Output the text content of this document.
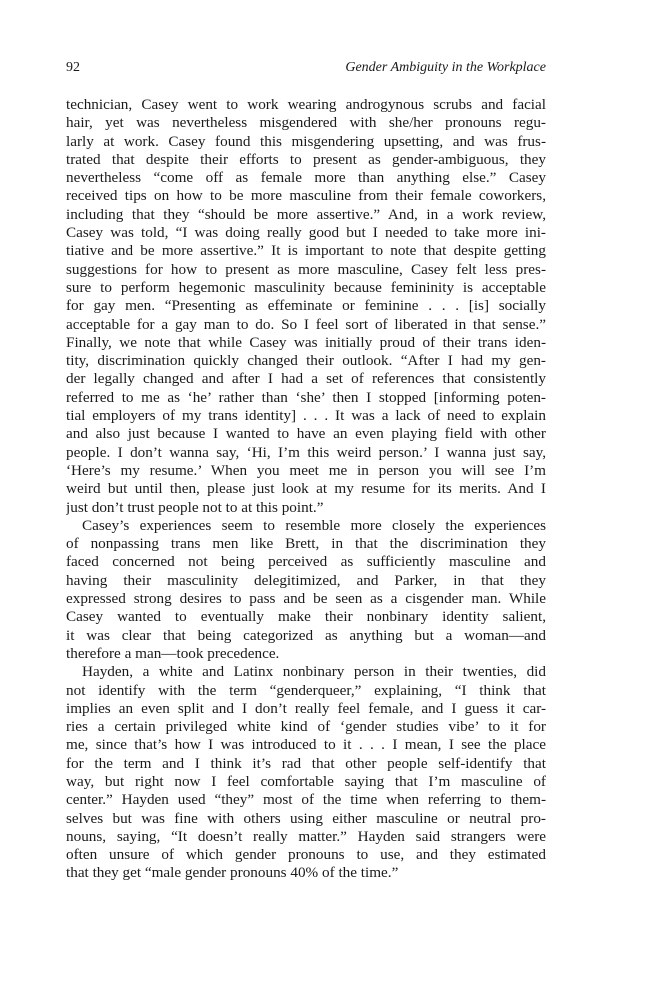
92	Gender Ambiguity in the Workplace
technician, Casey went to work wearing androgynous scrubs and facial
hair, yet was nevertheless misgendered with she/her pronouns regu-
larly at work. Casey found this misgendering upsetting, and was frus-
trated that despite their efforts to present as gender-ambiguous, they
nevertheless “come off as female more than anything else.” Casey
received tips on how to be more masculine from their female coworkers,
including that they “should be more assertive.” And, in a work review,
Casey was told, “I was doing really good but I needed to take more ini-
tiative and be more assertive.” It is important to note that despite getting
suggestions for how to present as more masculine, Casey felt less pres-
sure to perform hegemonic masculinity because femininity is acceptable
for gay men. “Presenting as effeminate or feminine . . . [is] socially
acceptable for a gay man to do. So I feel sort of liberated in that sense.”
Finally, we note that while Casey was initially proud of their trans iden-
tity, discrimination quickly changed their outlook. “After I had my gen-
der legally changed and after I had a set of references that consistently
referred to me as ‘he’ rather than ‘she’ then I stopped [informing poten-
tial employers of my trans identity] . . . It was a lack of need to explain
and also just because I wanted to have an even playing field with other
people. I don’t wanna say, ‘Hi, I’m this weird person.’ I wanna just say,
‘Here’s my resume.’ When you meet me in person you will see I’m
weird but until then, please just look at my resume for its merits. And I
just don’t trust people not to at this point.”
Casey’s experiences seem to resemble more closely the experiences
of nonpassing trans men like Brett, in that the discrimination they
faced concerned not being perceived as sufficiently masculine and
having their masculinity delegitimized, and Parker, in that they
expressed strong desires to pass and be seen as a cisgender man. While
Casey wanted to eventually make their nonbinary identity salient,
it was clear that being categorized as anything but a woman—and
therefore a man—took precedence.
Hayden, a white and Latinx nonbinary person in their twenties, did
not identify with the term “genderqueer,” explaining, “I think that
implies an even split and I don’t really feel female, and I guess it car-
ries a certain privileged white kind of ‘gender studies vibe’ to it for
me, since that’s how I was introduced to it . . . I mean, I see the place
for the term and I think it’s rad that other people self-identify that
way, but right now I feel comfortable saying that I’m masculine of
center.” Hayden used “they” most of the time when referring to them-
selves but was fine with others using either masculine or neutral pro-
nouns, saying, “It doesn’t really matter.” Hayden said strangers were
often unsure of which gender pronouns to use, and they estimated
that they get “male gender pronouns 40% of the time.”
